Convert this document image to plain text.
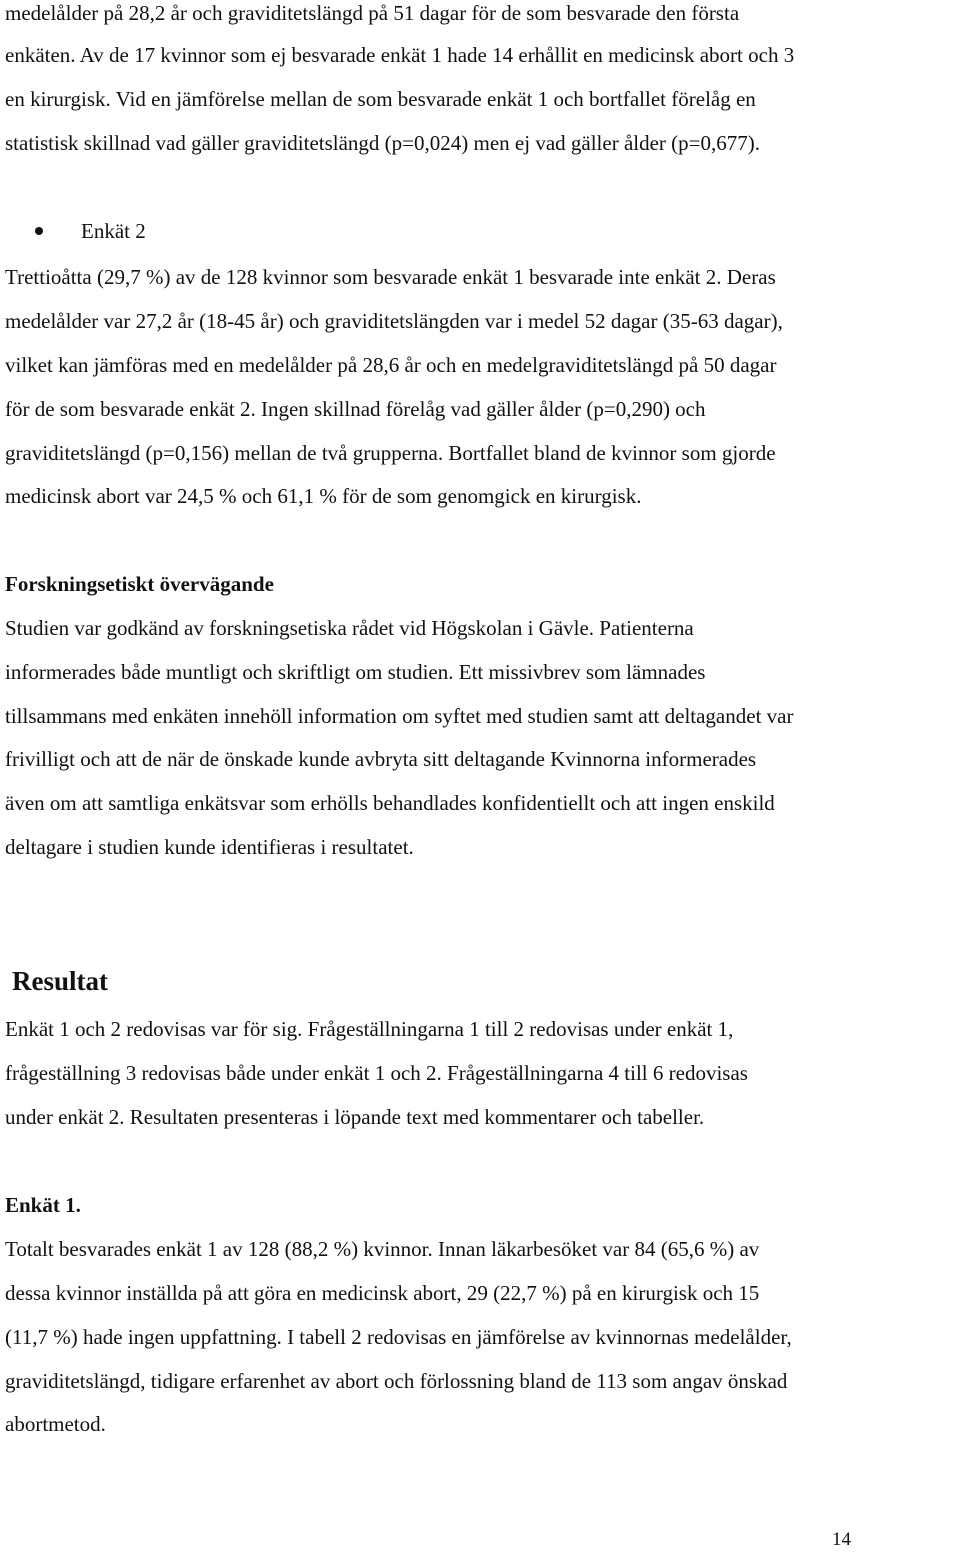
medelålder på 28,2 år och graviditetslängd på 51 dagar för de som besvarade den första
enkäten. Av de 17 kvinnor som ej besvarade enkät 1 hade 14 erhållit en medicinsk abort och 3
en kirurgisk. Vid en jämförelse mellan de som besvarade enkät 1 och bortfallet förelåg en
statistisk skillnad vad gäller graviditetslängd (p=0,024) men ej vad gäller ålder (p=0,677).
Enkät 2
Trettioåtta (29,7 %) av de 128 kvinnor som besvarade enkät 1 besvarade inte enkät 2. Deras
medelålder var 27,2 år (18-45 år) och graviditetslängden var i medel 52 dagar (35-63 dagar),
vilket kan jämföras med en medelålder på 28,6 år och en medelgraviditetslängd på 50 dagar
för de som besvarade enkät 2. Ingen skillnad förelåg vad gäller ålder (p=0,290) och
graviditetslängd (p=0,156) mellan de två grupperna. Bortfallet bland de kvinnor som gjorde
medicinsk abort var 24,5 % och 61,1 % för de som genomgick en kirurgisk.
Forskningsetiskt övervägande
Studien var godkänd av forskningsetiska rådet vid Högskolan i Gävle. Patienterna
informerades både muntligt och skriftligt om studien. Ett missivbrev som lämnades
tillsammans med enkäten innehöll information om syftet med studien samt att deltagandet var
frivilligt och att de när de önskade kunde avbryta sitt deltagande Kvinnorna informerades
även om att samtliga enkätsvar som erhölls behandlades konfidentiellt och att ingen enskild
deltagare i studien kunde identifieras i resultatet.
Resultat
Enkät 1 och 2 redovisas var för sig. Frågeställningarna 1 till 2 redovisas under enkät 1,
frågeställning 3 redovisas både under enkät 1 och 2. Frågeställningarna 4 till 6 redovisas
under enkät 2. Resultaten presenteras i löpande text med kommentarer och tabeller.
Enkät 1.
Totalt besvarades enkät 1 av 128 (88,2 %) kvinnor. Innan läkarbesöket var 84 (65,6 %) av
dessa kvinnor inställda på att göra en medicinsk abort, 29 (22,7 %) på en kirurgisk och 15
(11,7 %) hade ingen uppfattning. I tabell 2 redovisas en jämförelse av kvinnornas medelålder,
graviditetslängd, tidigare erfarenhet av abort och förlossning bland de 113 som angav önskad
abortmetod.
14
